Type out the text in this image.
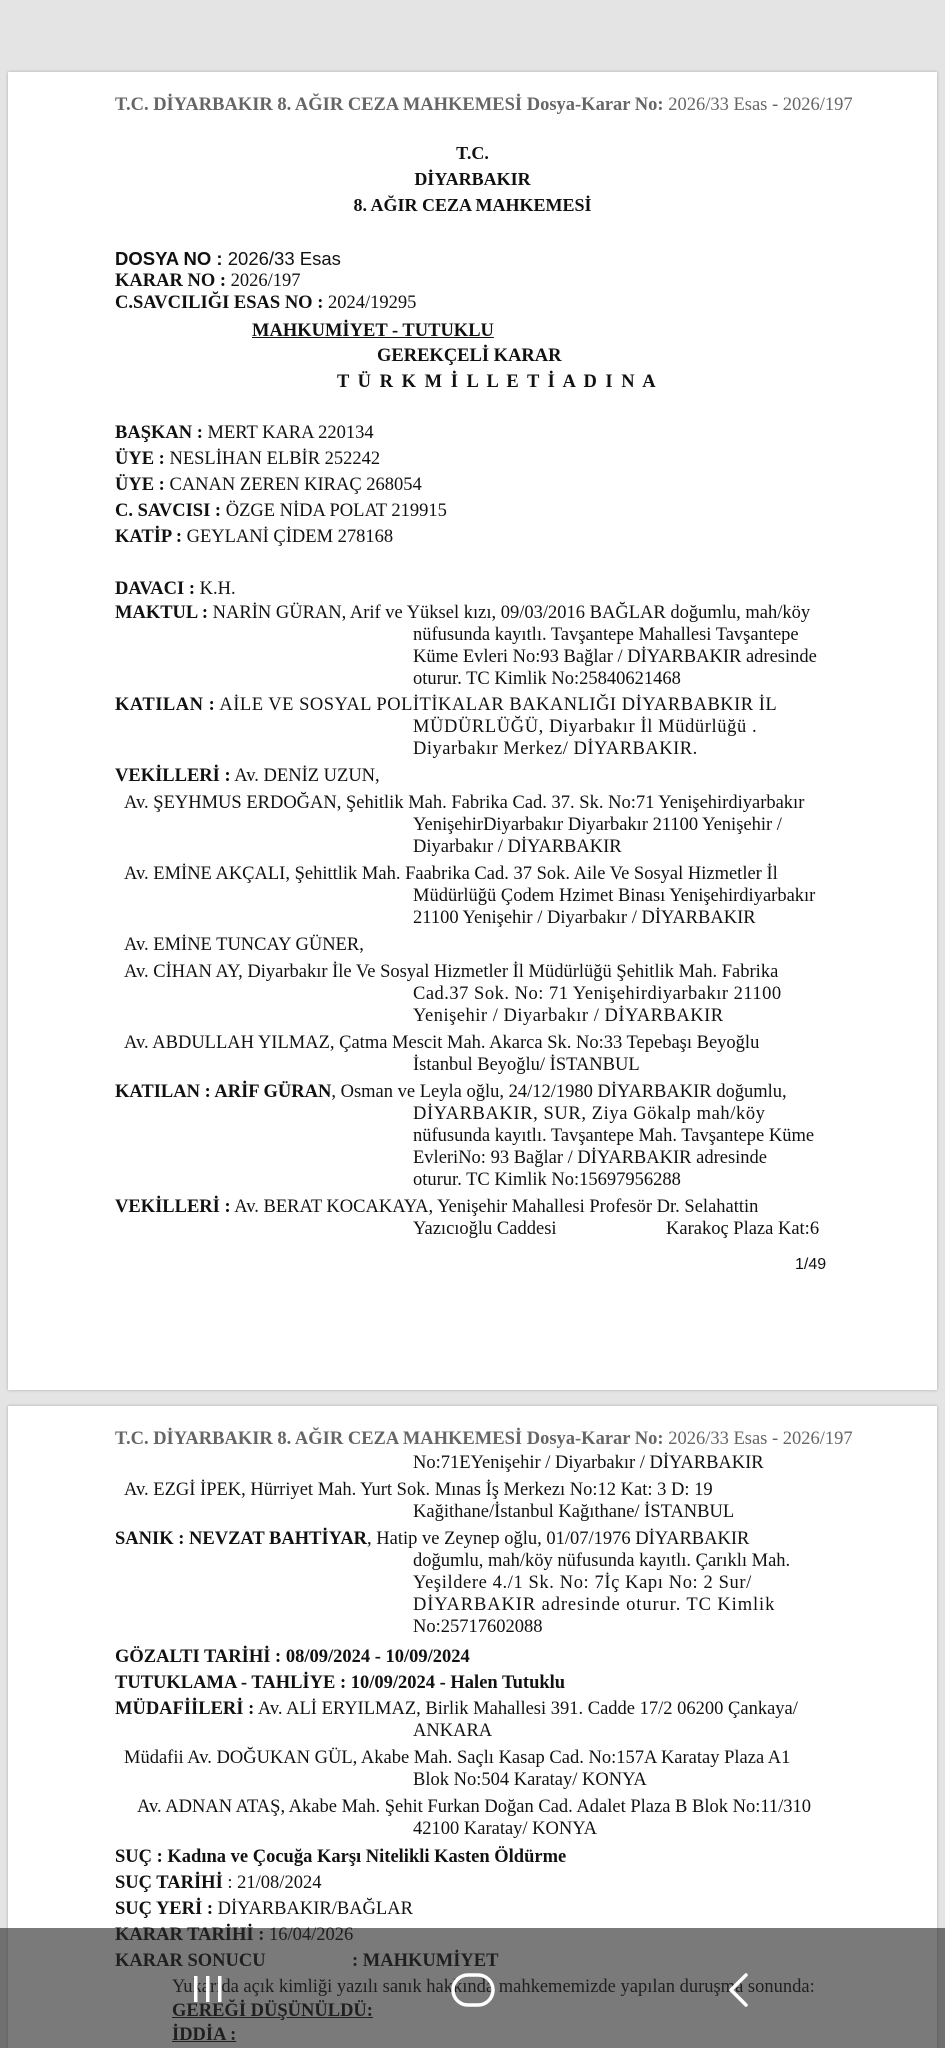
T.C. DİYARBAKIR 8. AĞIR CEZA MAHKEMESİ Dosya-Karar No: 2026/33 Esas - 2026/197
T.C.
DİYARBAKIR
8. AĞIR CEZA MAHKEMESİ
DOSYA NO : 2026/33 Esas
KARAR NO : 2026/197
C.SAVCILIĞI ESAS NO : 2024/19295
MAHKUMİYET - TUTUKLU
GEREKÇELİ KARAR
T Ü R K M İ L L E T İ A D I N A
BAŞKAN : MERT KARA 220134
ÜYE : NESLİHAN ELBİR 252242
ÜYE : CANAN ZEREN KIRAÇ 268054
C. SAVCISI : ÖZGE NİDA POLAT 219915
KATİP : GEYLANİ ÇİDEM 278168
DAVACI : K.H.
MAKTUL : NARİN GÜRAN, Arif ve Yüksel kızı, 09/03/2016 BAĞLAR doğumlu, mah/köy
nüfusunda kayıtlı. Tavşantepe Mahallesi Tavşantepe
Küme Evleri No:93 Bağlar / DİYARBAKIR adresinde
oturur. TC Kimlik No:25840621468
KATILAN : AİLE VE SOSYAL POLİTİKALAR BAKANLIĞI DİYARBABKIR İL
MÜDÜRLÜĞÜ, Diyarbakır İl Müdürlüğü .
Diyarbakır Merkez/ DİYARBAKIR.
VEKİLLERİ : Av. DENİZ UZUN,
Av. ŞEYHMUS ERDOĞAN, Şehitlik Mah. Fabrika Cad. 37. Sk. No:71 Yenişehirdiyarbakır
YenişehirDiyarbakır Diyarbakır 21100 Yenişehir /
Diyarbakır / DİYARBAKIR
Av. EMİNE AKÇALI, Şehittlik Mah. Faabrika Cad. 37 Sok. Aile Ve Sosyal Hizmetler İl
Müdürlüğü Çodem Hzimet Binası Yenişehirdiyarbakır
21100 Yenişehir / Diyarbakır / DİYARBAKIR
Av. EMİNE TUNCAY GÜNER,
Av. CİHAN AY, Diyarbakır İle Ve Sosyal Hizmetler İl Müdürlüğü Şehitlik Mah. Fabrika
Cad.37 Sok. No: 71 Yenişehirdiyarbakır 21100
Yenişehir / Diyarbakır / DİYARBAKIR
Av. ABDULLAH YILMAZ, Çatma Mescit Mah. Akarca Sk. No:33 Tepebaşı Beyoğlu
İstanbul Beyoğlu/ İSTANBUL
KATILAN : ARİF GÜRAN, Osman ve Leyla oğlu, 24/12/1980 DİYARBAKIR doğumlu,
DİYARBAKIR, SUR, Ziya Gökalp mah/köy
nüfusunda kayıtlı. Tavşantepe Mah. Tavşantepe Küme
EvleriNo: 93 Bağlar / DİYARBAKIR adresinde
oturur. TC Kimlik No:15697956288
VEKİLLERİ : Av. BERAT KOCAKAYA, Yenişehir Mahallesi Profesör Dr. Selahattin
Yazıcıoğlu Caddesi	Karakoç Plaza Kat:6
1/49
T.C. DİYARBAKIR 8. AĞIR CEZA MAHKEMESİ Dosya-Karar No: 2026/33 Esas - 2026/197
No:71EYenişehir / Diyarbakır / DİYARBAKIR
Av. EZGİ İPEK, Hürriyet Mah. Yurt Sok. Mınas İş Merkezı No:12 Kat: 3 D: 19
Kağithane/İstanbul Kağıthane/ İSTANBUL
SANIK : NEVZAT BAHTİYAR, Hatip ve Zeynep oğlu, 01/07/1976 DİYARBAKIR
doğumlu, mah/köy nüfusunda kayıtlı. Çarıklı Mah.
Yeşildere 4./1 Sk. No: 7İç Kapı No: 2 Sur/
DİYARBAKIR adresinde oturur. TC Kimlik
No:25717602088
GÖZALTI TARİHİ : 08/09/2024 - 10/09/2024
TUTUKLAMA - TAHLİYE : 10/09/2024 - Halen Tutuklu
MÜDAFİİLERİ : Av. ALİ ERYILMAZ, Birlik Mahallesi 391. Cadde 17/2 06200 Çankaya/
ANKARA
Müdafii Av. DOĞUKAN GÜL, Akabe Mah. Saçlı Kasap Cad. No:157A Karatay Plaza A1
Blok No:504 Karatay/ KONYA
Av. ADNAN ATAŞ, Akabe Mah. Şehit Furkan Doğan Cad. Adalet Plaza B Blok No:11/310
42100 Karatay/ KONYA
SUÇ : Kadına ve Çocuğa Karşı Nitelikli Kasten Öldürme
SUÇ TARİHİ : 21/08/2024
SUÇ YERİ : DİYARBAKIR/BAĞLAR
